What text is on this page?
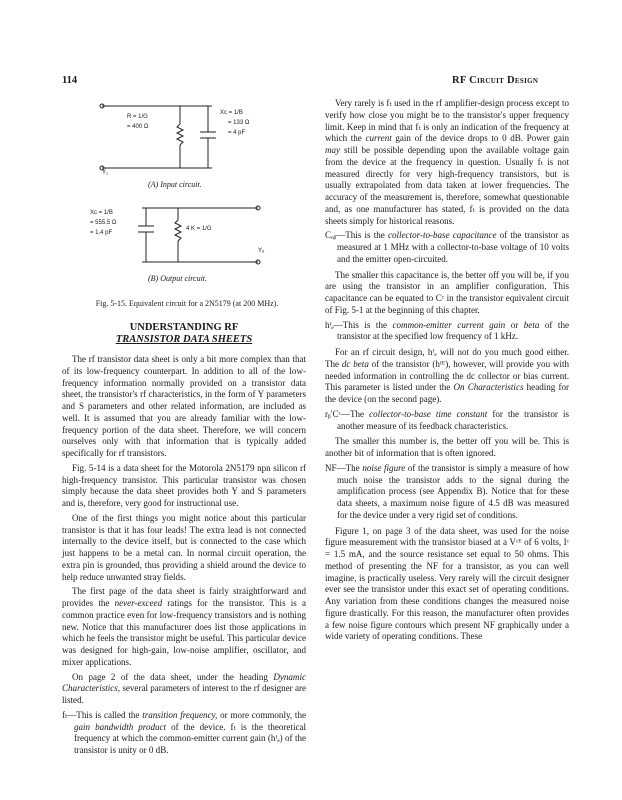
114	RF Circuit Design
R = 1/G
= 400 Ω
Xc = 1/B
= 133 Ω
= 4 pF
Y₁
(A) Input circuit.
Xc = 1/B
= 555.5 Ω
= 1.4 pF
4 K = 1/G
Yₒ
(B) Output circuit.
Fig. 5-15. Equivalent circuit for a 2N5179 (at 200 MHz).
UNDERSTANDING RF
TRANSISTOR DATA SHEETS

The rf transistor data sheet is only a bit more complex than that of its low-frequency counterpart. In addition to all of the low-frequency information normally provided on a transistor data sheet, the transistor's rf characteristics, in the form of Y parameters and S parameters and other related information, are included as well. It is assumed that you are already familiar with the low-frequency portion of the data sheet. Therefore, we will concern ourselves only with that information that is typically added specifically for rf transistors.

Fig. 5-14 is a data sheet for the Motorola 2N5179 npn silicon rf high-frequency transistor. This particular transistor was chosen simply because the data sheet provides both Y and S parameters and is, therefore, very good for instructional use.

One of the first things you might notice about this particular transistor is that it has four leads! The extra lead is not connected internally to the device itself, but is connected to the case which just happens to be a metal can. In normal circuit operation, the extra pin is grounded, thus providing a shield around the device to help reduce unwanted stray fields.

The first page of the data sheet is fairly straightforward and provides the never-exceed ratings for the transistor. This is a common practice even for low-frequency transistors and is nothing new. Notice that this manufacturer does list those applications in which he feels the transistor might be useful. This particular device was designed for high-gain, low-noise amplifier, oscillator, and mixer applications.

On page 2 of the data sheet, under the heading Dynamic Characteristics, several parameters of interest to the rf designer are listed.

fₜ—This is called the transition frequency, or more commonly, the gain bandwidth product of the device. fₜ is the theoretical frequency at which the common-emitter current gain (hᶠₑ) of the transistor is unity or 0 dB.

Very rarely is fₜ used in the rf amplifier-design process except to verify how close you might be to the transistor's upper frequency limit. Keep in mind that fₜ is only an indication of the frequency at which the current gain of the device drops to 0 dB. Power gain may still be possible depending upon the available voltage gain from the device at the frequency in question. Usually fₜ is not measured directly for very high-frequency transistors, but is usually extrapolated from data taken at lower frequencies. The accuracy of the measurement is, therefore, somewhat questionable and, as one manufacturer has stated, fₜ is provided on the data sheets simply for historical reasons.

Cₒᵦ—This is the collector-to-base capacitance of the transistor as measured at 1 MHz with a collector-to-base voltage of 10 volts and the emitter open-circuited.

The smaller this capacitance is, the better off you will be, if you are using the transistor in an amplifier configuration. This capacitance can be equated to Cᶜ in the transistor equivalent circuit of Fig. 5-1 at the beginning of this chapter.

hᶠₑ—This is the common-emitter current gain or beta of the transistor at the specified low frequency of 1 kHz.

For an rf circuit design, hᶠₑ will not do you much good either. The dc beta of the transistor (hᶠᴱ), however, will provide you with needed information in controlling the dc collector or bias current. This parameter is listed under the On Characteristics heading for the device (on the second page).

rᵦ′Cᶜ—The collector-to-base time constant for the transistor is another measure of its feedback characteristics.

The smaller this number is, the better off you will be. This is another bit of information that is often ignored.

NF—The noise figure of the transistor is simply a measure of how much noise the transistor adds to the signal during the amplification process (see Appendix B). Notice that for these data sheets, a maximum noise figure of 4.5 dB was measured for the device under a very rigid set of conditions.

Figure 1, on page 3 of the data sheet, was used for the noise figure measurement with the transistor biased at a Vᶜᴱ of 6 volts, Iᶜ = 1.5 mA, and the source resistance set equal to 50 ohms. This method of presenting the NF for a transistor, as you can well imagine, is practically useless. Very rarely will the circuit designer ever see the transistor under this exact set of operating conditions. Any variation from these conditions changes the measured noise figure drastically. For this reason, the manufacturer often provides a few noise figure contours which present NF graphically under a wide variety of operating conditions. These
